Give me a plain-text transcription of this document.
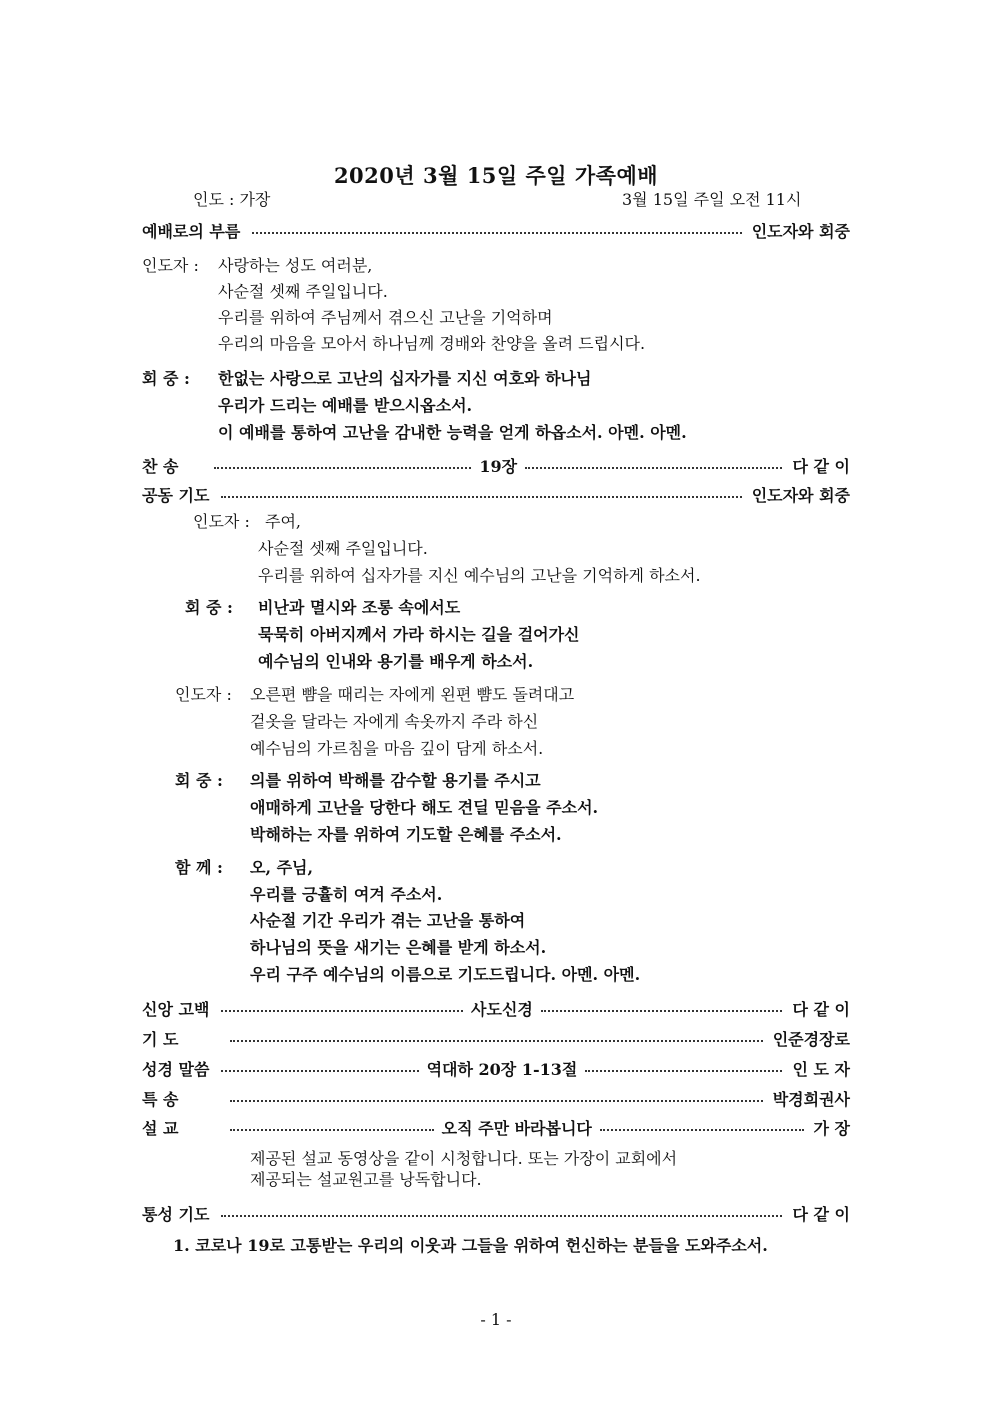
2020년 3월 15일 주일 가족예배
인도 : 가장	3월 15일 주일 오전 11시
예배로의 부름	인도자와 회중
인도자 : 사랑하는 성도 여러분,
사순절 셋째 주일입니다.
우리를 위하여 주님께서 겪으신 고난을 기억하며
우리의 마음을 모아서 하나님께 경배와 찬양을 올려 드립시다.
회 중 : 한없는 사랑으로 고난의 십자가를 지신 여호와 하나님
우리가 드리는 예배를 받으시옵소서.
이 예배를 통하여 고난을 감내한 능력을 얻게 하옵소서. 아멘. 아멘.
찬 송	19장	다 같 이
공동 기도	인도자와 회중
인도자 : 주여,
사순절 셋째 주일입니다.
우리를 위하여 십자가를 지신 예수님의 고난을 기억하게 하소서.
회 중 : 비난과 멸시와 조롱 속에서도
묵묵히 아버지께서 가라 하시는 길을 걸어가신
예수님의 인내와 용기를 배우게 하소서.
인도자 : 오른편 뺨을 때리는 자에게 왼편 뺨도 돌려대고
겉옷을 달라는 자에게 속옷까지 주라 하신
예수님의 가르침을 마음 깊이 담게 하소서.
회 중 : 의를 위하여 박해를 감수할 용기를 주시고
애매하게 고난을 당한다 해도 견딜 믿음을 주소서.
박해하는 자를 위하여 기도할 은혜를 주소서.
함 께 : 오, 주님,
우리를 긍휼히 여겨 주소서.
사순절 기간 우리가 겪는 고난을 통하여
하나님의 뜻을 새기는 은혜를 받게 하소서.
우리 구주 예수님의 이름으로 기도드립니다. 아멘. 아멘.
신앙 고백	사도신경	다 같 이
기 도	인준경장로
성경 말씀	역대하 20장 1-13절	인 도 자
특 송	박경희권사
설 교	오직 주만 바라봅니다	가 장
제공된 설교 동영상을 같이 시청합니다. 또는 가장이 교회에서
제공되는 설교원고를 낭독합니다.
통성 기도	다 같 이
1. 코로나 19로 고통받는 우리의 이웃과 그들을 위하여 헌신하는 분들을 도와주소서.
- 1 -
